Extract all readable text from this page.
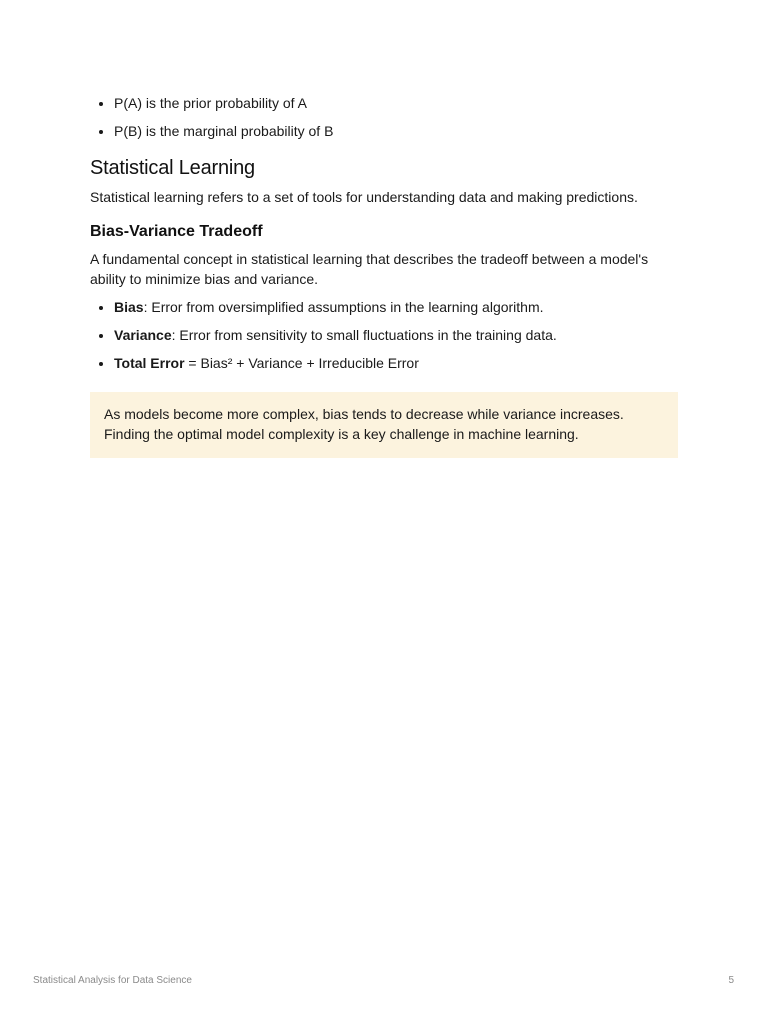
P(A) is the prior probability of A
P(B) is the marginal probability of B
Statistical Learning

Statistical learning refers to a set of tools for understanding data and making predictions.

Bias-Variance Tradeoff

A fundamental concept in statistical learning that describes the tradeoff between a model's ability to minimize bias and variance.

Bias: Error from oversimplified assumptions in the learning algorithm.
Variance: Error from sensitivity to small fluctuations in the training data.
Total Error = Bias² + Variance + Irreducible Error
As models become more complex, bias tends to decrease while variance increases. Finding the optimal model complexity is a key challenge in machine learning.
Statistical Analysis for Data Science	5
